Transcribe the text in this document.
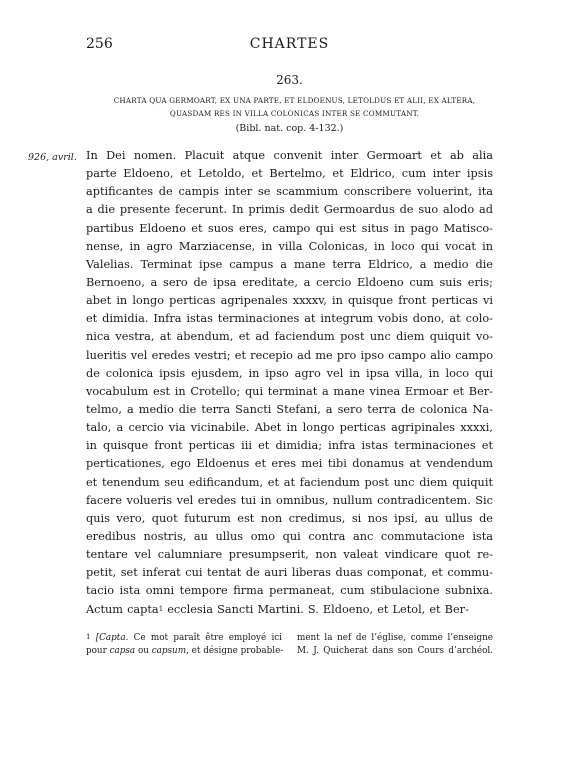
256	CHARTES
263.
CHARTA QUA GERMOART, EX UNA PARTE, ET ELDOENUS, LETOLDUS ET ALII, EX ALTERA,
QUASDAM RES IN VILLA COLONICAS INTER SE COMMUTANT.
(Bibl. nat. cop. 4-132.)
926, avril. In Dei nomen. Placuit atque convenit inter Germoart et ab alia
parte Eldoeno, et Letoldo, et Bertelmo, et Eldrico, cum inter ipsis
aptificantes de campis inter se scammium conscribere voluerint, ita
a die presente fecerunt. In primis dedit Germoardus de suo alodo ad
partibus Eldoeno et suos eres, campo qui est situs in pago Matisco-
nense, in agro Marziacense, in villa Colonicas, in loco qui vocat in
Valelias. Terminat ipse campus a mane terra Eldrico, a medio die
Bernoeno, a sero de ipsa ereditate, a cercio Eldoeno cum suis eris;
abet in longo perticas agripenales xxxxv, in quisque front perticas vi
et dimidia. Infra istas terminaciones at integrum vobis dono, at colo-
nica vestra, at abendum, et ad faciendum post unc diem quiquit vo-
lueritis vel eredes vestri; et recepio ad me pro ipso campo alio campo
de colonica ipsis ejusdem, in ipso agro vel in ipsa villa, in loco qui
vocabulum est in Crotello; qui terminat a mane vinea Ermoar et Ber-
telmo, a medio die terra Sancti Stefani, a sero terra de colonica Na-
talo, a cercio via vicinabile. Abet in longo perticas agripinales xxxxi,
in quisque front perticas iii et dimidia; infra istas terminaciones et
perticationes, ego Eldoenus et eres mei tibi donamus at vendendum
et tenendum seu edificandum, et at faciendum post unc diem quiquit
facere volueris vel eredes tui in omnibus, nullum contradicentem. Sic
quis vero, quot futurum est non credimus, si nos ipsi, au ullus de
eredibus nostris, au ullus omo qui contra anc commutacione ista
tentare vel calumniare presumpserit, non valeat vindicare quot re-
petit, set inferat cui tentat de auri liberas duas componat, et commu-
tacio ista omni tempore firma permaneat, cum stibulacione subnixa.
Actum capta$^1$ ecclesia Sancti Martini. S. Eldoeno, et Letol, et Ber-
$^1$ [Capta. Ce mot paraît être employé ici
pour capsa ou capsum, et désigne probable-
ment la nef de l’église, comme l’enseigne
M. J. Quicherat dans son Cours d’archéol.
